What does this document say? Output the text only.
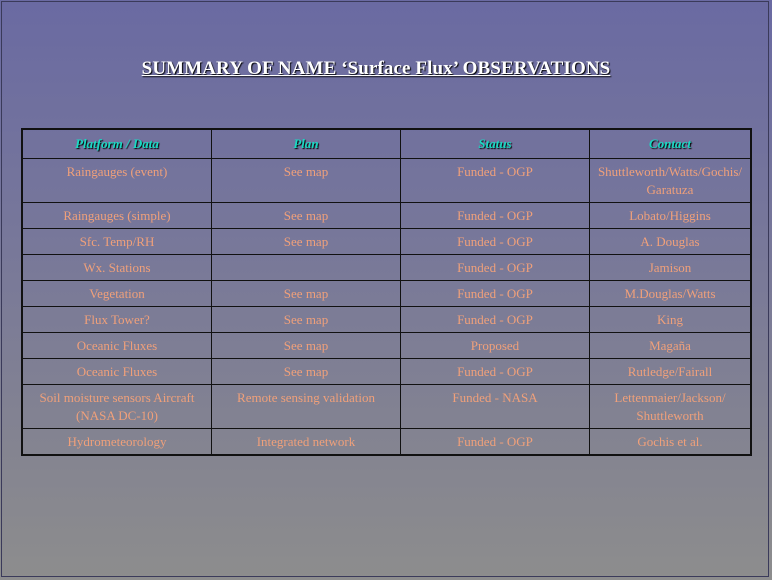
SUMMARY OF NAME ‘Surface Flux’ OBSERVATIONS
Platform / Data	Plan	Status	Contact
Raingauges (event)	See map	Funded - OGP	Shuttleworth/Watts/Gochis/ Garatuza
Raingauges (simple)	See map	Funded - OGP	Lobato/Higgins
Sfc. Temp/RH	See map	Funded - OGP	A. Douglas
Wx. Stations		Funded - OGP	Jamison
Vegetation	See map	Funded - OGP	M.Douglas/Watts
Flux Tower?	See map	Funded - OGP	King
Oceanic Fluxes	See map	Proposed	Magaña
Oceanic Fluxes	See map	Funded - OGP	Rutledge/Fairall
Soil moisture sensors Aircraft (NASA DC-10)	Remote sensing validation	Funded - NASA	Lettenmaier/Jackson/ Shuttleworth
Hydrometeorology	Integrated network	Funded - OGP	Gochis et al.
